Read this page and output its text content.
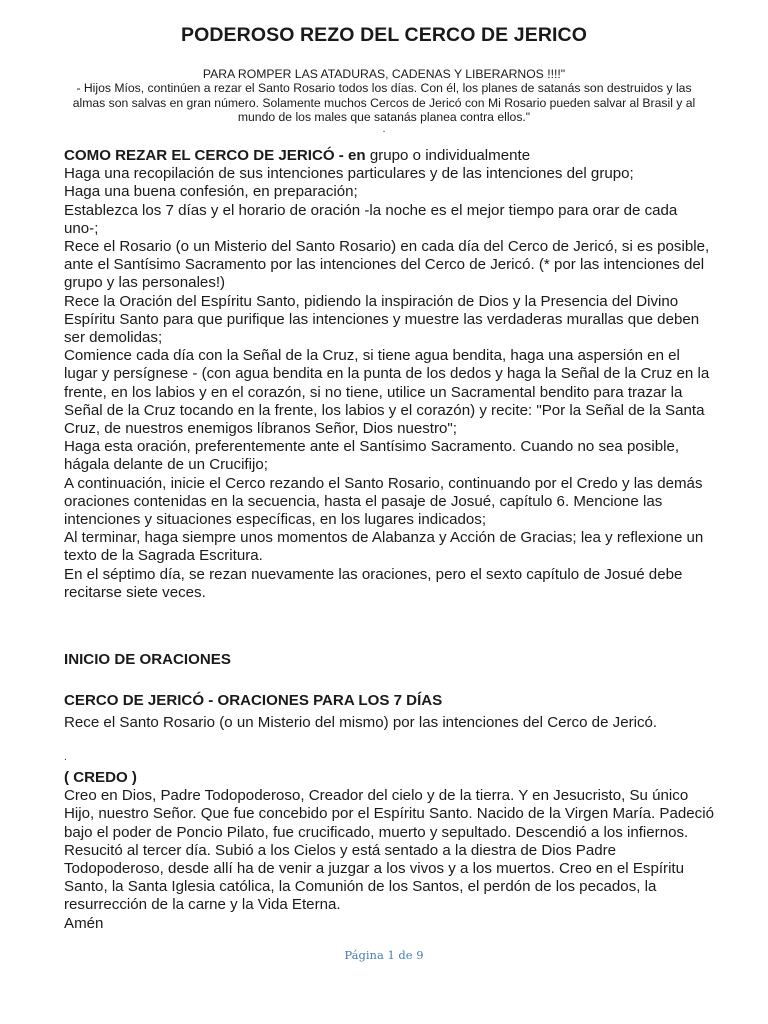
PODEROSO REZO DEL CERCO DE JERICO
PARA ROMPER LAS ATADURAS, CADENAS Y LIBERARNOS !!!!"
- Hijos Míos, continúen a rezar el Santo Rosario todos los días. Con él, los planes de satanás son destruidos y las almas son salvas en gran número. Solamente muchos Cercos de Jericó con Mi Rosario pueden salvar al Brasil y al mundo de los males que satanás planea contra ellos."
.

COMO REZAR EL CERCO DE JERICÓ - en grupo o individualmente

Haga una recopilación de sus intenciones particulares y de las intenciones del grupo;

Haga una buena confesión, en preparación;

Establezca los 7 días y el horario de oración -la noche es el mejor tiempo para orar de cada uno-;

Rece el Rosario (o un Misterio del Santo Rosario) en cada día del Cerco de Jericó, si es posible, ante el Santísimo Sacramento por las intenciones del Cerco de Jericó. (* por las intenciones del grupo y las personales!)

Rece la Oración del Espíritu Santo, pidiendo la inspiración de Dios y la Presencia del Divino Espíritu Santo para que purifique las intenciones y muestre las verdaderas murallas que deben ser demolidas;

Comience cada día con la Señal de la Cruz, si tiene agua bendita, haga una aspersión en el lugar y persígnese - (con agua bendita en la punta de los dedos y haga la Señal de la Cruz en la frente, en los labios y en el corazón, si no tiene, utilice un Sacramental bendito para trazar la Señal de la Cruz tocando en la frente, los labios y el corazón) y recite: "Por la Señal de la Santa Cruz, de nuestros enemigos líbranos Señor, Dios nuestro";

Haga esta oración, preferentemente ante el Santísimo Sacramento. Cuando no sea posible, hágala delante de un Crucifijo;

A continuación, inicie el Cerco rezando el Santo Rosario, continuando por el Credo y las demás oraciones contenidas en la secuencia, hasta el pasaje de Josué, capítulo 6. Mencione las intenciones y situaciones específicas, en los lugares indicados;

Al terminar, haga siempre unos momentos de Alabanza y Acción de Gracias; lea y reflexione un texto de la Sagrada Escritura.

En el séptimo día, se rezan nuevamente las oraciones, pero el sexto capítulo de Josué debe recitarse siete veces.

INICIO DE ORACIONES
CERCO DE JERICÓ - ORACIONES PARA LOS 7 DÍAS

Rece el Santo Rosario (o un Misterio del mismo) por las intenciones del Cerco de Jericó.

.

( CREDO )

Creo en Dios, Padre Todopoderoso, Creador del cielo y de la tierra. Y en Jesucristo, Su único Hijo, nuestro Señor. Que fue concebido por el Espíritu Santo. Nacido de la Virgen María. Padeció bajo el poder de Poncio Pilato, fue crucificado, muerto y sepultado. Descendió a los infiernos. Resucitó al tercer día. Subió a los Cielos y está sentado a la diestra de Dios Padre Todopoderoso, desde allí ha de venir a juzgar a los vivos y a los muertos. Creo en el Espíritu Santo, la Santa Iglesia católica, la Comunión de los Santos, el perdón de los pecados, la resurrección de la carne y la Vida Eterna.

Amén

Página 1 de 9
